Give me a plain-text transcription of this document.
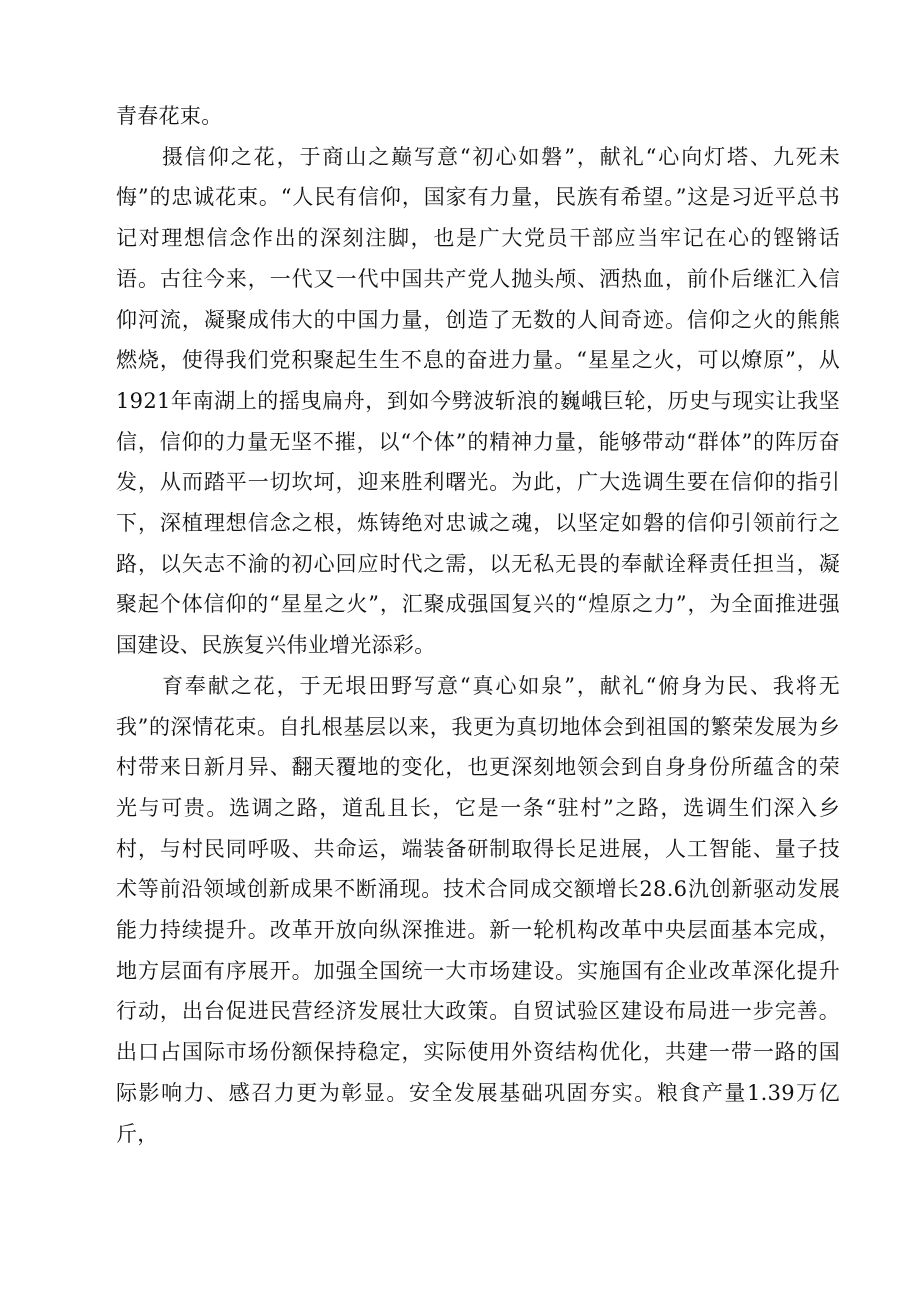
青春花束。

摄信仰之花，于商山之巅写意“初心如磐”，献礼“心向灯塔、九死未悔”的忠诚花束。“人民有信仰，国家有力量，民族有希望。”这是习近平总书记对理想信念作出的深刻注脚，也是广大党员干部应当牢记在心的铿锵话语。古往今来，一代又一代中国共产党人抛头颅、洒热血，前仆后继汇入信仰河流，凝聚成伟大的中国力量，创造了无数的人间奇迹。信仰之火的熊熊燃烧，使得我们党积聚起生生不息的奋进力量。“星星之火，可以燎原”，从1921年南湖上的摇曳扁舟，到如今劈波斩浪的巍峨巨轮，历史与现实让我坚信，信仰的力量无坚不摧，以“个体”的精神力量，能够带动“群体”的阵厉奋发，从而踏平一切坎坷，迎来胜利曙光。为此，广大选调生要在信仰的指引下，深植理想信念之根，炼铸绝对忠诚之魂，以坚定如磐的信仰引领前行之路，以矢志不渝的初心回应时代之需，以无私无畏的奉献诠释责任担当，凝聚起个体信仰的“星星之火”，汇聚成强国复兴的“煌原之力”，为全面推进强国建设、民族复兴伟业增光添彩。

育奉献之花，于无垠田野写意“真心如泉”，献礼“俯身为民、我将无我”的深情花束。自扎根基层以来，我更为真切地体会到祖国的繁荣发展为乡村带来日新月异、翻天覆地的变化，也更深刻地领会到自身身份所蕴含的荣光与可贵。选调之路，道乱且长，它是一条“驻村”之路，选调生们深入乡村，与村民同呼吸、共命运，端装备研制取得长足进展，人工智能、量子技术等前沿领域创新成果不断涌现。技术合同成交额增长28.6氿创新驱动发展能力持续提升。改革开放向纵深推进。新一轮机构改革中央层面基本完成，地方层面有序展开。加强全国统一大市场建设。实施国有企业改革深化提升行动，出台促进民营经济发展壮大政策。自贸试验区建设布局进一步完善。出口占国际市场份额保持稳定，实际使用外资结构优化，共建一带一路的国际影响力、感召力更为彰显。安全发展基础巩固夯实。粮食产量1.39万亿斤，
